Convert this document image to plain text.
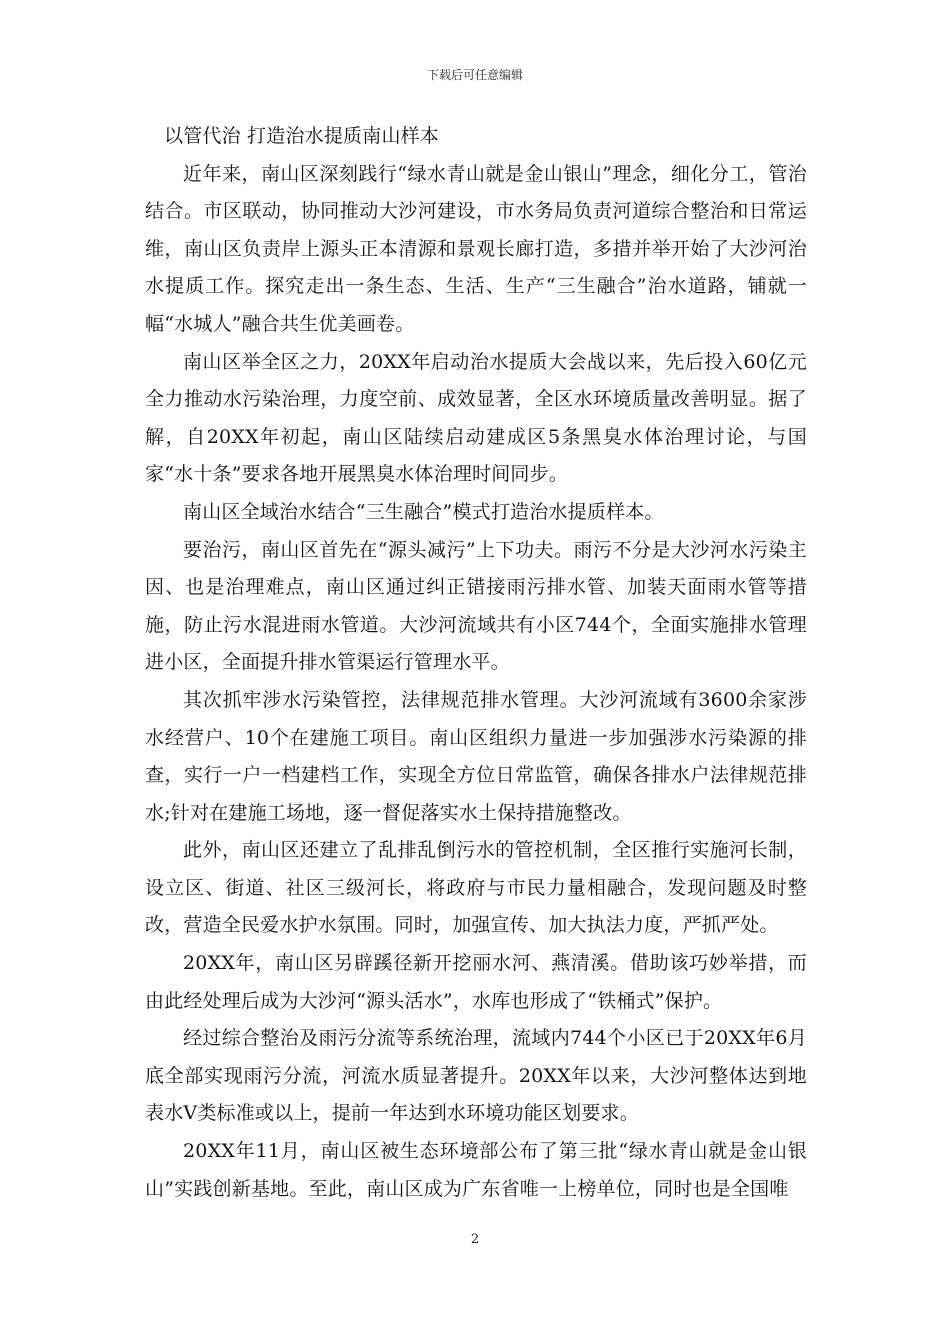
下载后可任意编辑

以管代治 打造治水提质南山样本

近年来，南山区深刻践行“绿水青山就是金山银山”理念，细化分工，管治结合。市区联动，协同推动大沙河建设，市水务局负责河道综合整治和日常运维，南山区负责岸上源头正本清源和景观长廊打造，多措并举开始了大沙河治水提质工作。探究走出一条生态、生活、生产“三生融合”治水道路，铺就一幅“水城人”融合共生优美画卷。

南山区举全区之力，20XX年启动治水提质大会战以来，先后投入60亿元全力推动水污染治理，力度空前、成效显著，全区水环境质量改善明显。据了解，自20XX年初起，南山区陆续启动建成区5条黑臭水体治理讨论，与国家“水十条”要求各地开展黑臭水体治理时间同步。

南山区全域治水结合“三生融合”模式打造治水提质样本。

要治污，南山区首先在“源头减污”上下功夫。雨污不分是大沙河水污染主因、也是治理难点，南山区通过纠正错接雨污排水管、加装天面雨水管等措施，防止污水混进雨水管道。大沙河流域共有小区744个，全面实施排水管理进小区，全面提升排水管渠运行管理水平。

其次抓牢涉水污染管控，法律规范排水管理。大沙河流域有3600余家涉水经营户、10个在建施工项目。南山区组织力量进一步加强涉水污染源的排查，实行一户一档建档工作，实现全方位日常监管，确保各排水户法律规范排水;针对在建施工场地，逐一督促落实水土保持措施整改。

此外，南山区还建立了乱排乱倒污水的管控机制，全区推行实施河长制，设立区、街道、社区三级河长，将政府与市民力量相融合，发现问题及时整改，营造全民爱水护水氛围。同时，加强宣传、加大执法力度，严抓严处。

20XX年，南山区另辟蹊径新开挖丽水河、燕清溪。借助该巧妙举措，而由此经处理后成为大沙河“源头活水”，水库也形成了“铁桶式”保护。

经过综合整治及雨污分流等系统治理，流域内744个小区已于20XX年6月底全部实现雨污分流，河流水质显著提升。20XX年以来，大沙河整体达到地表水Ⅴ类标准或以上，提前一年达到水环境功能区划要求。

20XX年11月，南山区被生态环境部公布了第三批“绿水青山就是金山银山”实践创新基地。至此，南山区成为广东省唯一上榜单位，同时也是全国唯

2
